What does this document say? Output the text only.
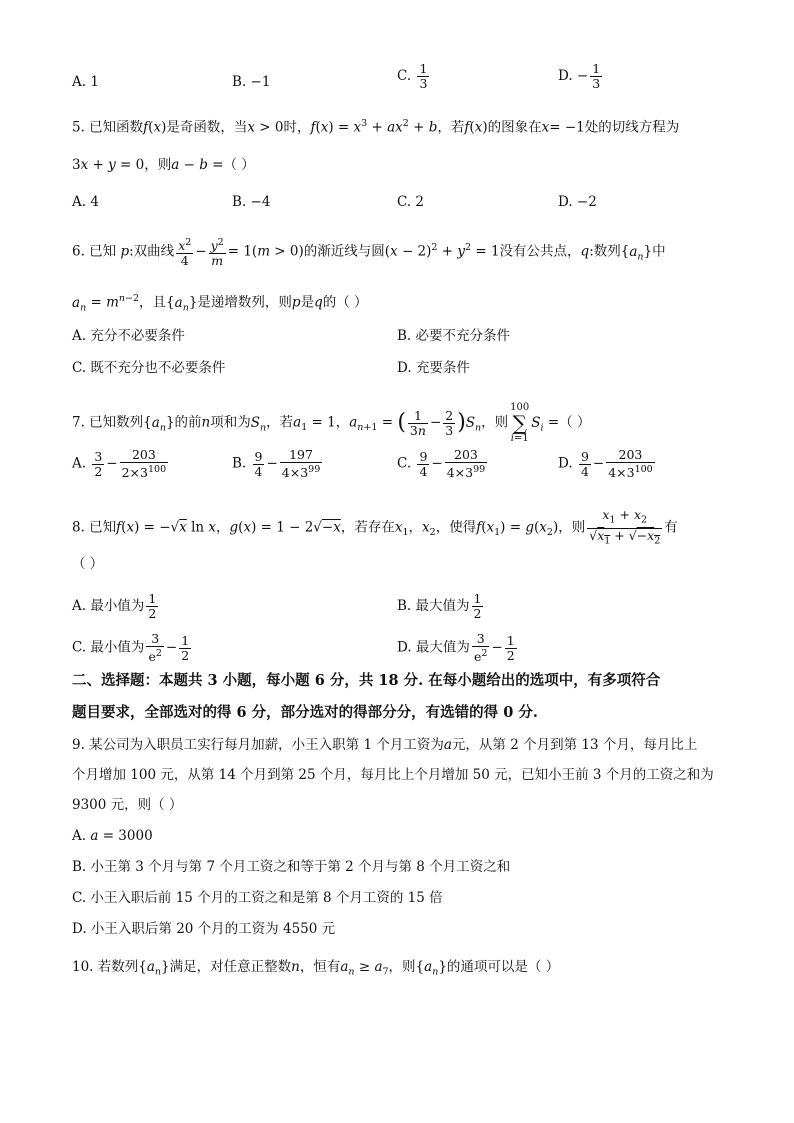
A. 1	B. −1	C. $\frac{1}{3}$	D. − $\frac{1}{3}$
5. 已知函数f(x)是奇函数，当x > 0时，$f(x) = x^3 + ax^2 + b$，若f(x)的图象在x= −1处的切线方程为
3x + y = 0，则a − b =（ ）
A. 4	B. −4	C. 2	D. −2
6. 已知 p:双曲线 $\frac{x^2}{4} - \frac{y^2}{m} = 1(m > 0)$的渐近线与圆$(x - 2)^2 + y^2 = 1$没有公共点，q:数列$\{a_n\}$中
$a_n = m^{n-2}$，且$\{a_n\}$是递增数列，则p是q的（ ）
A. 充分不必要条件	B. 必要不充分条件
C. 既不充分也不必要条件	D. 充要条件
7. 已知数列$\{a_n\}$的前n项和为$S_n$，若$a_1 = 1$，$a_{n+1}$ = ( $\frac{1}{3n} - \frac{2}{3} )S_n$，则100
∑
$i=1S_i$ =（ ）
A. $\frac{3}{2} - \frac{203}{2\times 3^{100}}$	B. $\frac{9}{4} - \frac{197}{4\times 3^{99}}$	C. $\frac{9}{4} - \frac{203}{4\times 3^{99}}$	D. $\frac{9}{4} - \frac{203}{4\times 3^{100}}$
8. 已知f(x) = −√x ln x，g(x) = 1 − 2√−x，若存在$x_1$，$x_2$，使得$f(x_1) = g(x_2)$，则 $\frac{x_1 + x_2}{√x_1 + √-x_2}$ 有
（ ）
A. 最小值为 $\frac{1}{2}$	B. 最大值为 $\frac{1}{2}$
C. 最小值为 $\frac{3}{e^2} - \frac{1}{2}$	D. 最大值为 $\frac{3}{e^2} - \frac{1}{2}$
二、选择题：本题共 3 小题，每小题 6 分，共 18 分. 在每小题给出的选项中，有多项符合
题目要求，全部选对的得 6 分，部分选对的得部分分，有选错的得 0 分.
9. 某公司为入职员工实行每月加薪，小王入职第 1 个月工资为a元，从第 2 个月到第 13 个月，每月比上
个月增加 100 元，从第 14 个月到第 25 个月，每月比上个月增加 50 元，已知小王前 3 个月的工资之和为
9300 元，则（ ）
A. a = 3000
B. 小王第 3 个月与第 7 个月工资之和等于第 2 个月与第 8 个月工资之和
C. 小王入职后前 15 个月的工资之和是第 8 个月工资的 15 倍
D. 小王入职后第 20 个月的工资为 4550 元
10. 若数列$\{a_n\}$满足，对任意正整数n，恒有$a_n \ge a_7$，则$\{a_n\}$的通项可以是（ ）
